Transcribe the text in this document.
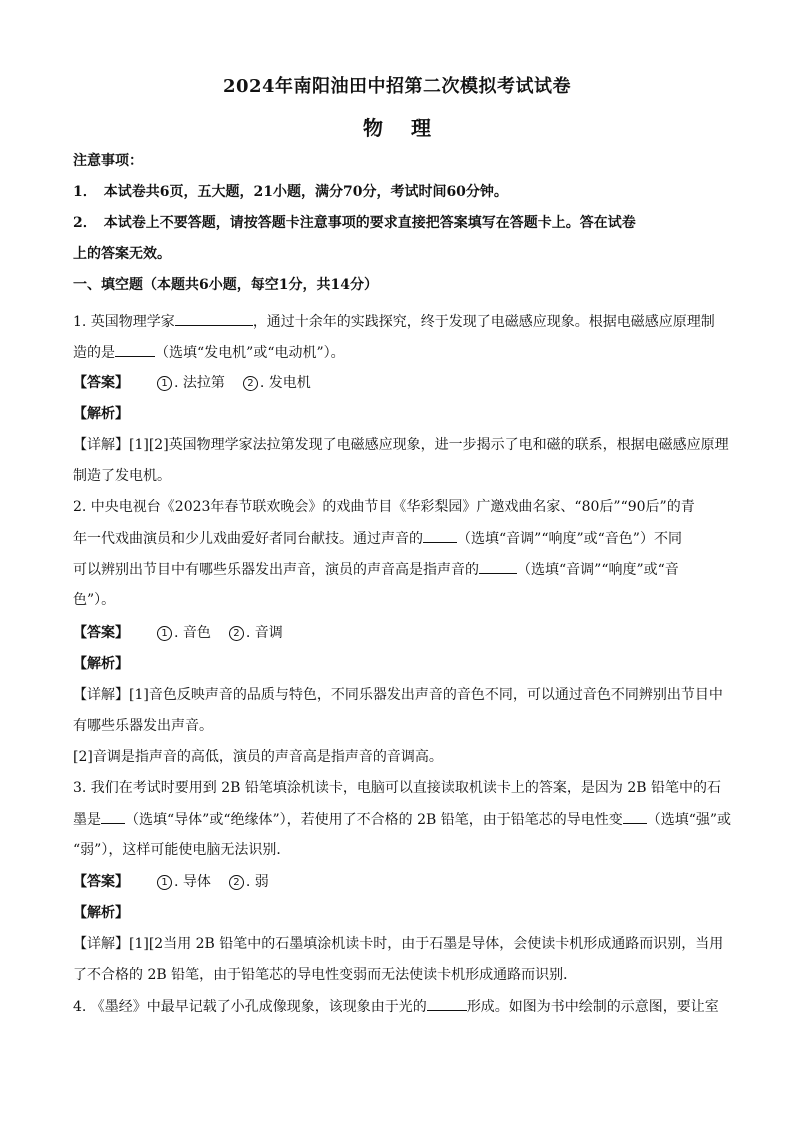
2024年南阳油田中招第二次模拟考试试卷
物 理
注意事项：
1．　本试卷共6页，五大题，21小题，满分70分，考试时间60分钟。
2．　本试卷上不要答题，请按答题卡注意事项的要求直接把答案填写在答题卡上。答在试卷
上的答案无效。
一、填空题（本题共6小题，每空1分，共14分）
1. 英国物理学家	，通过十余年的实践探究，终于发现了电磁感应现象。根据电磁感应原理制
造的是	（选填“发电机”或“电动机”）。
【答案】	1 . 法拉第 2 . 发电机
【解析】
【详解】[1][2]英国物理学家法拉第发现了电磁感应现象，进一步揭示了电和磁的联系，根据电磁感应原理
制造了发电机。
2. 中央电视台《2023年春节联欢晚会》的戏曲节目《华彩梨园》广邀戏曲名家、“80后”“90后”的青
年一代戏曲演员和少儿戏曲爱好者同台献技。通过声音的 （选填“音调”“响度”或“音色”）不同
可以辨别出节目中有哪些乐器发出声音，演员的声音高是指声音的	（选填“音调”“响度”或“音
色”）。
【答案】	1 . 音色 2 . 音调
【解析】
【详解】[1]音色反映声音的品质与特色，不同乐器发出声音的音色不同，可以通过音色不同辨别出节目中
有哪些乐器发出声音。
[2]音调是指声音的高低，演员的声音高是指声音的音调高。
3. 我们在考试时要用到 2B 铅笔填涂机读卡，电脑可以直接读取机读卡上的答案，是因为 2B 铅笔中的石
墨是 （选填“导体”或“绝缘体”），若使用了不合格的 2B 铅笔，由于铅笔芯的导电性变 （选填“强”或
“弱”），这样可能使电脑无法识别．
【答案】	1 . 导体 2 . 弱
【解析】
【详解】[1][2当用 2B 铅笔中的石墨填涂机读卡时，由于石墨是导体，会使读卡机形成通路而识别，当用
了不合格的 2B 铅笔，由于铅笔芯的导电性变弱而无法使读卡机形成通路而识别．
4. 《墨经》中最早记载了小孔成像现象，该现象由于光的	形成。如图为书中绘制的示意图，要让室
